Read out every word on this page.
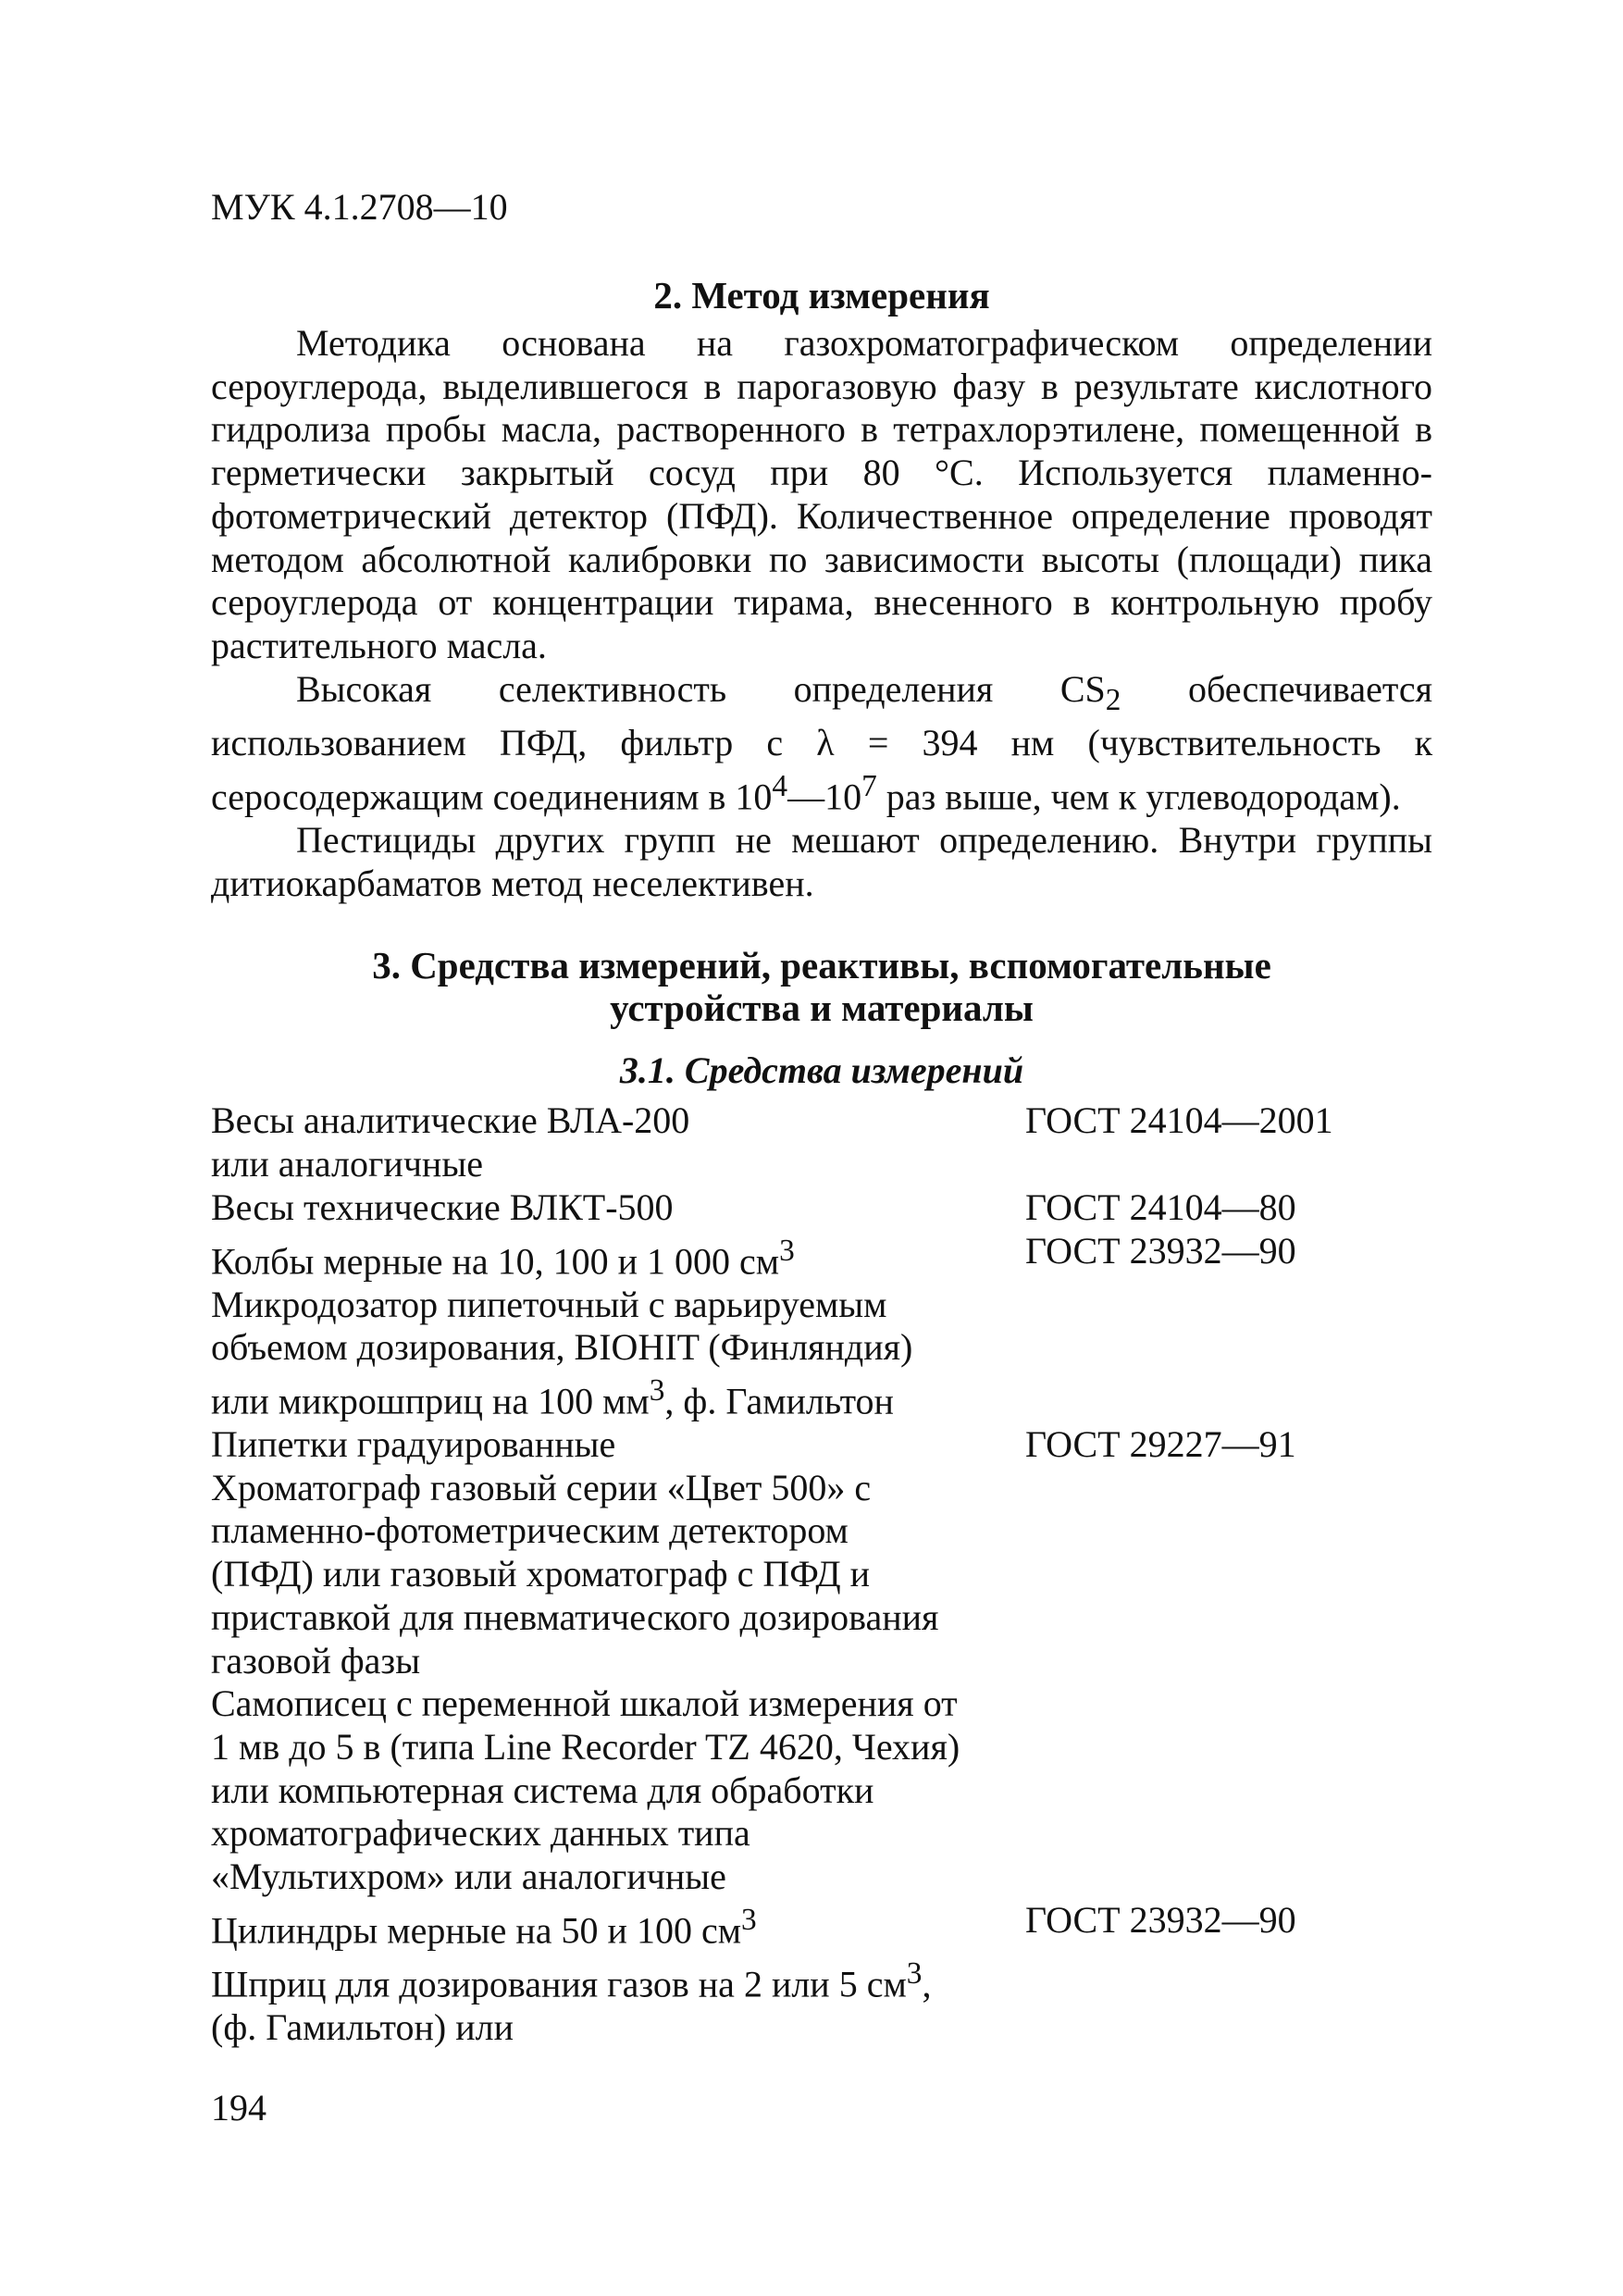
МУК 4.1.2708—10
2. Метод измерения

Методика основана на газохроматографическом определении сероуглерода, выделившегося в парогазовую фазу в результате кислотного гидролиза пробы масла, растворенного в тетрахлорэтилене, помещенной в герметически закрытый сосуд при 80 °С. Используется пламенно-фотометрический детектор (ПФД). Количественное определение проводят методом абсолютной калибровки по зависимости высоты (площади) пика сероуглерода от концентрации тирама, внесенного в контрольную пробу растительного масла.

Высокая селективность определения $CS_2$ обеспечивается использованием ПФД, фильтр с λ = 394 нм (чувствительность к серосодержащим соединениям в $10^4—10^7$ раз выше, чем к углеводородам).

Пестициды других групп не мешают определению. Внутри группы дитиокарбаматов метод неселективен.

3. Средства измерений, реактивы, вспомогательные
устройства и материалы
3.1. Средства измерений
Весы аналитические ВЛА-200
или аналогичные
ГОСТ 24104—2001
Весы технические ВЛКТ-500	ГОСТ 24104—80
Колбы мерные на 10, 100 и 1 000 $см^3$	ГОСТ 23932—90
Микродозатор пипеточный с варьируемым
объемом дозирования, BIOHIT (Финляндия)
или микрошприц на 100 $мм^3$, ф. Гамильтон
Пипетки градуированные	ГОСТ 29227—91
Хроматограф газовый серии «Цвет 500» с
пламенно-фотометрическим детектором
(ПФД) или газовый хроматограф с ПФД и
приставкой для пневматического дозирования
газовой фазы
Самописец с переменной шкалой измерения от
1 мв до 5 в (типа Line Recorder TZ 4620, Чехия)
или компьютерная система для обработки
хроматографических данных типа
«Мультихром» или аналогичные
Цилиндры мерные на 50 и 100 $см^3$	ГОСТ 23932—90
Шприц для дозирования газов на 2 или 5 $см^3$,
(ф. Гамильтон) или
194
